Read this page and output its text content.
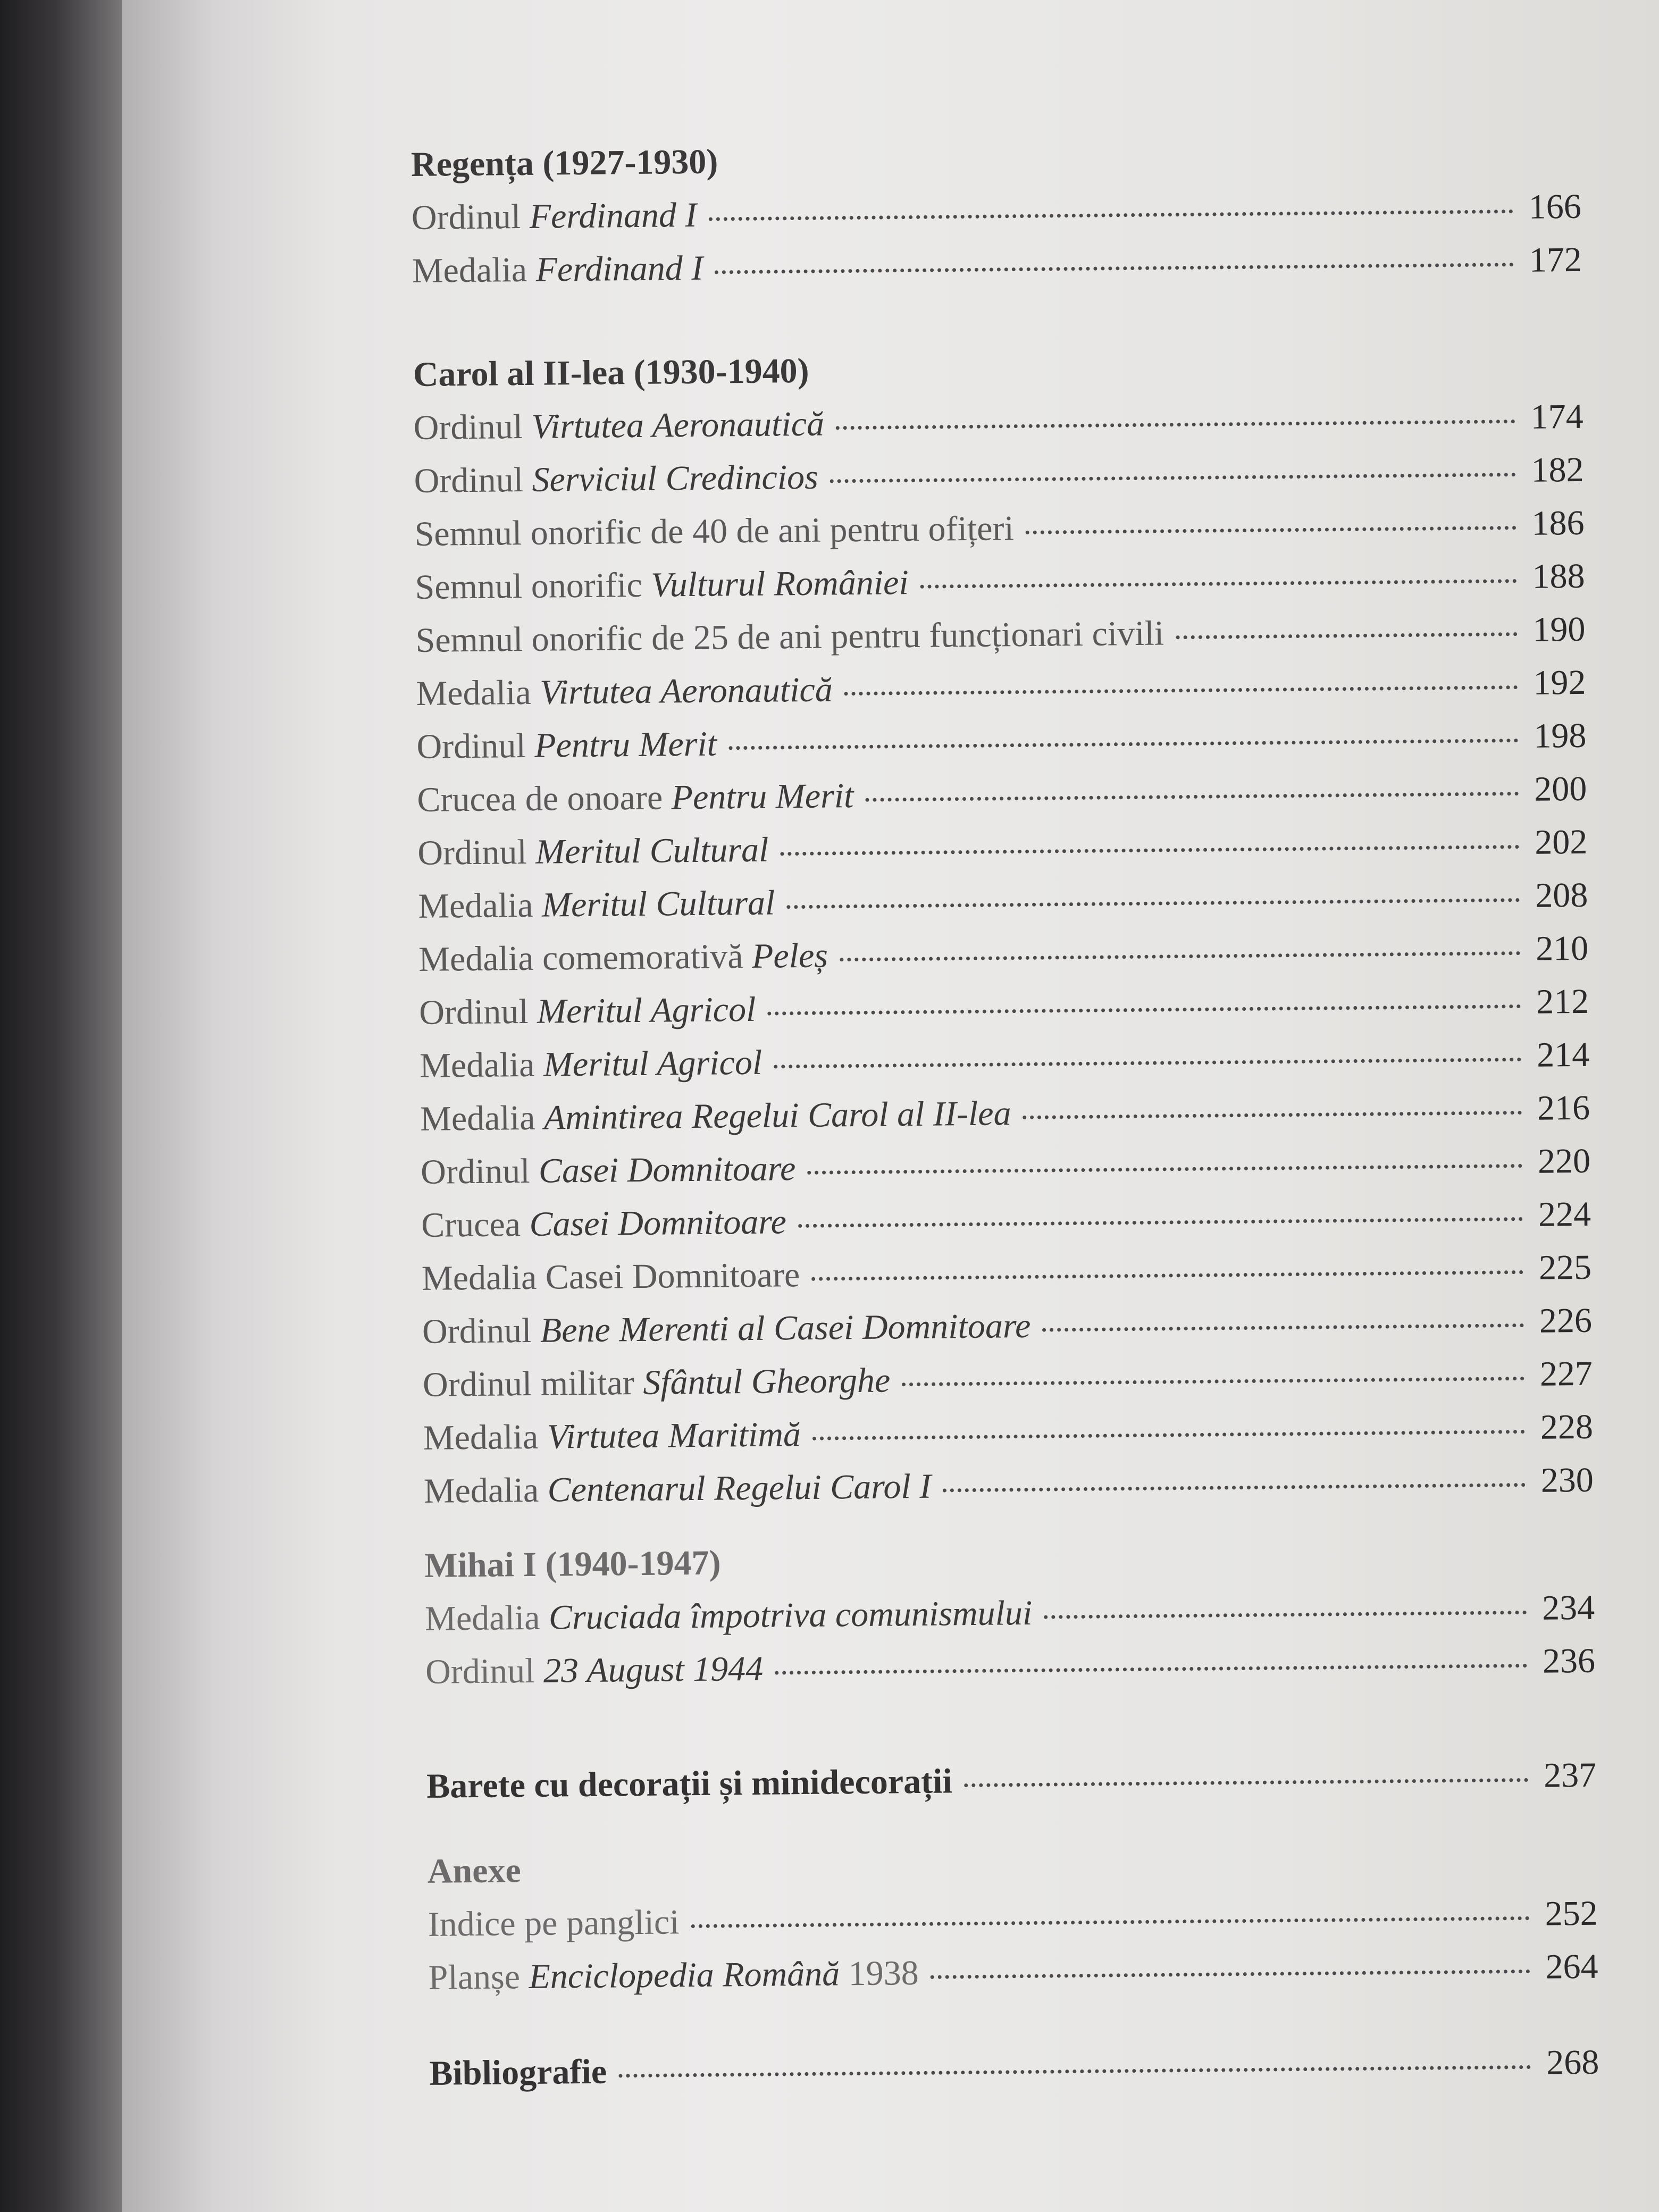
Regența (1927-1930)
Ordinul Ferdinand I	166
Medalia Ferdinand I	172
Carol al II-lea (1930-1940)
Ordinul Virtutea Aeronautică	174
Ordinul Serviciul Credincios	182
Semnul onorific de 40 de ani pentru ofițeri	186
Semnul onorific Vulturul României	188
Semnul onorific de 25 de ani pentru funcționari civili	190
Medalia Virtutea Aeronautică	192
Ordinul Pentru Merit	198
Crucea de onoare Pentru Merit	200
Ordinul Meritul Cultural	202
Medalia Meritul Cultural	208
Medalia comemorativă Peleș	210
Ordinul Meritul Agricol	212
Medalia Meritul Agricol	214
Medalia Amintirea Regelui Carol al II-lea	216
Ordinul Casei Domnitoare	220
Crucea Casei Domnitoare	224
Medalia Casei Domnitoare	225
Ordinul Bene Merenti al Casei Domnitoare	226
Ordinul militar Sfântul Gheorghe	227
Medalia Virtutea Maritimă	228
Medalia Centenarul Regelui Carol I	230
Mihai I (1940-1947)
Medalia Cruciada împotriva comunismului	234
Ordinul 23 August 1944	236
Barete cu decorații și minidecorații	237
Anexe
Indice pe panglici	252
Planșe Enciclopedia Română 1938	264
Bibliografie	268
